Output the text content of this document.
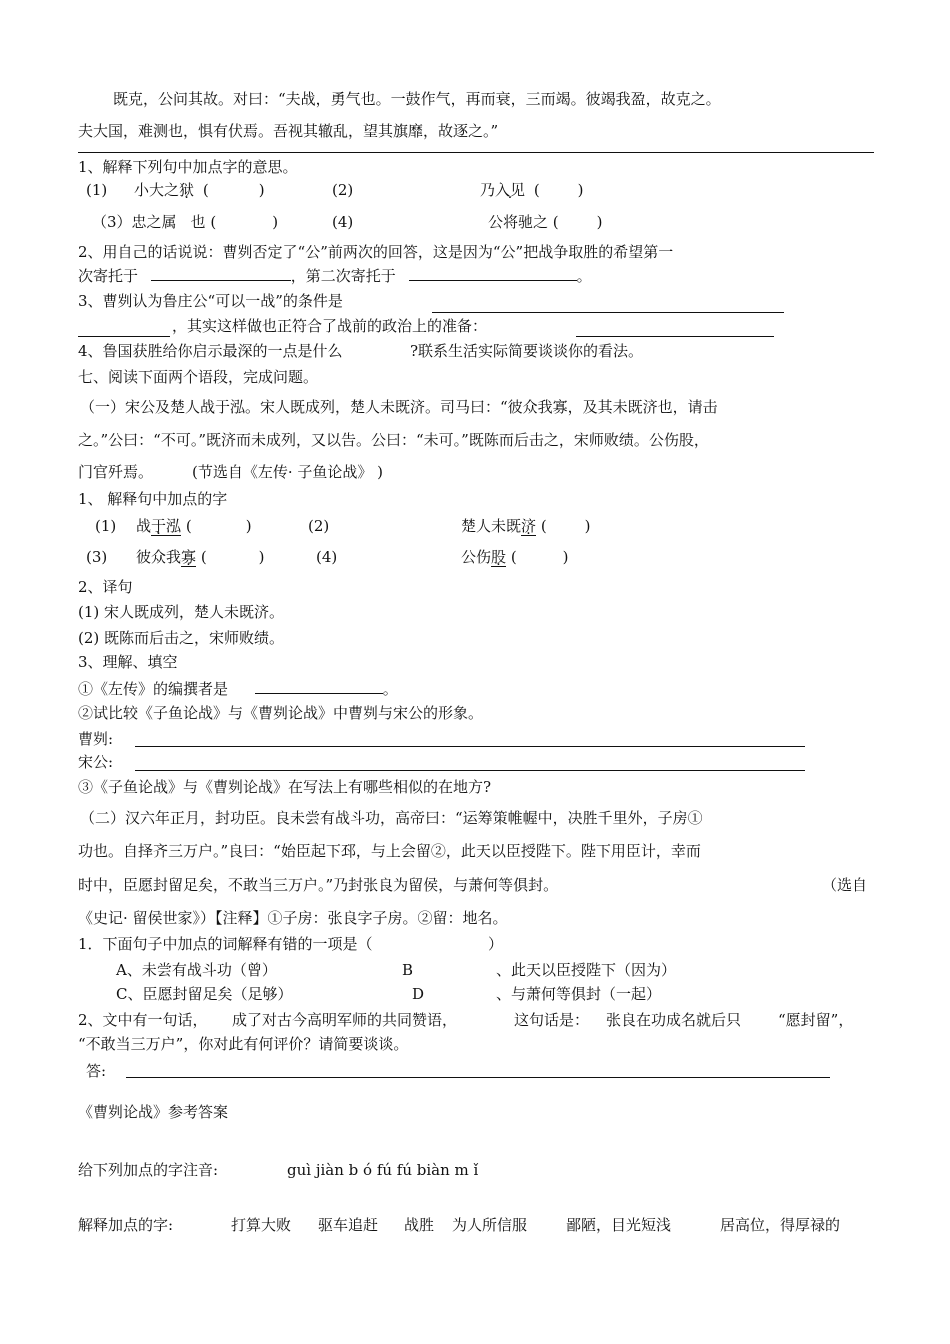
既克，公问其故。对曰：“夫战，勇气也。一鼓作气，再而衰，三而竭。彼竭我盈，故克之。
夫大国，难测也，惧有伏焉。吾视其辙乱，望其旗靡，故逐之。”
1、解释下列句中加点字的意思。
(1) 小大之狱 (	)	(2)	乃入见 (	)
（3）忠之属 也 (	)	(4)	公将驰之 (	)
2、用自己的话说说：曹刿否定了“公”前两次的回答，这是因为“公”把战争取胜的希望第一
次寄托于	，第二次寄托于	。
3、曹刿认为鲁庄公“可以一战”的条件是
，其实这样做也正符合了战前的政治上的准备：
4、鲁国获胜给你启示最深的一点是什么	?联系生活实际简要谈谈你的看法。
七、阅读下面两个语段，完成问题。
（一）宋公及楚人战于泓。宋人既成列，楚人未既济。司马曰：“彼众我寡，及其未既济也，请击
之。”公曰：“不可。”既济而未成列，又以告。公曰：“未可。”既陈而后击之，宋师败绩。公伤股，
门官歼焉。	(节选自《左传· 子鱼论战》 )
1、 解释句中加点的字
(1) 战于泓 (	)	(2)	楚人未既济 (	)
(3) 彼众我寡 (	)	(4)	公伤股 (	)
2、译句
(1) 宋人既成列，楚人未既济。
(2) 既陈而后击之，宋师败绩。
3、理解、填空
①《左传》的编撰者是	。
②试比较《子鱼论战》与《曹刿论战》中曹刿与宋公的形象。
曹刿:
宋公:
③《子鱼论战》与《曹刿论战》在写法上有哪些相似的在地方?
（二）汉六年正月，封功臣。良未尝有战斗功，高帝曰：“运筹策帷幄中，决胜千里外，子房①
功也。自择齐三万户。”良曰：“始臣起下邳，与上会留②，此天以臣授陛下。陛下用臣计，幸而
时中，臣愿封留足矣，不敢当三万户。”乃封张良为留侯，与萧何等俱封。	（选自
《史记· 留侯世家》）【注释】①子房：张良字子房。②留：地名。
1．下面句子中加点的词解释有错的一项是（	）
A、未尝有战斗功（曾）	B	、此天以臣授陛下（因为）
C、臣愿封留足矣（足够）	D	、与萧何等俱封（一起）
2、文中有一句话， 成了对古今高明军师的共同赞语，	这句话是： 张良在功成名就后只 “愿封留”，
“不敢当三万户”，你对此有何评价？请简要谈谈。
答:
《曹刿论战》参考答案
给下列加点的字注音:	guì jiàn b ó fú fú biàn m ǐ
解释加点的字:	打算大败 驱车追赶 战胜 为人所信服	鄙陋，目光短浅	居高位，得厚禄的
